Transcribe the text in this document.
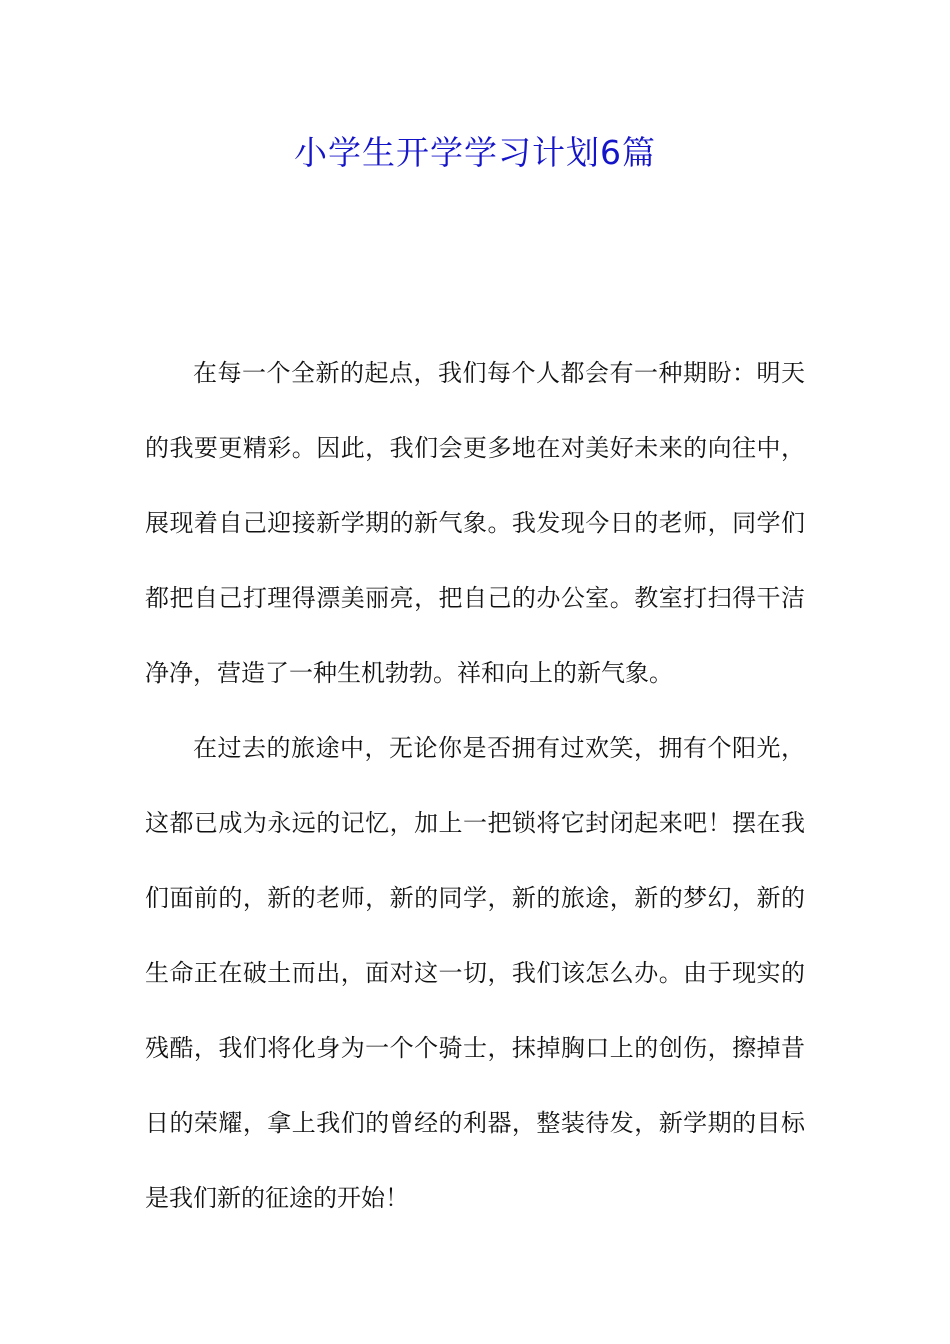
小学生开学学习计划6篇

在每一个全新的起点，我们每个人都会有一种期盼：明天的我要更精彩。因此，我们会更多地在对美好未来的向往中，展现着自己迎接新学期的新气象。我发现今日的老师，同学们都把自己打理得漂美丽亮，把自己的办公室。教室打扫得干洁净净，营造了一种生机勃勃。祥和向上的新气象。

在过去的旅途中，无论你是否拥有过欢笑，拥有个阳光，这都已成为永远的记忆，加上一把锁将它封闭起来吧！摆在我们面前的，新的老师，新的同学，新的旅途，新的梦幻，新的生命正在破土而出，面对这一切，我们该怎么办。由于现实的残酷，我们将化身为一个个骑士，抹掉胸口上的创伤，擦掉昔日的荣耀，拿上我们的曾经的利器，整装待发，新学期的目标是我们新的征途的开始！
